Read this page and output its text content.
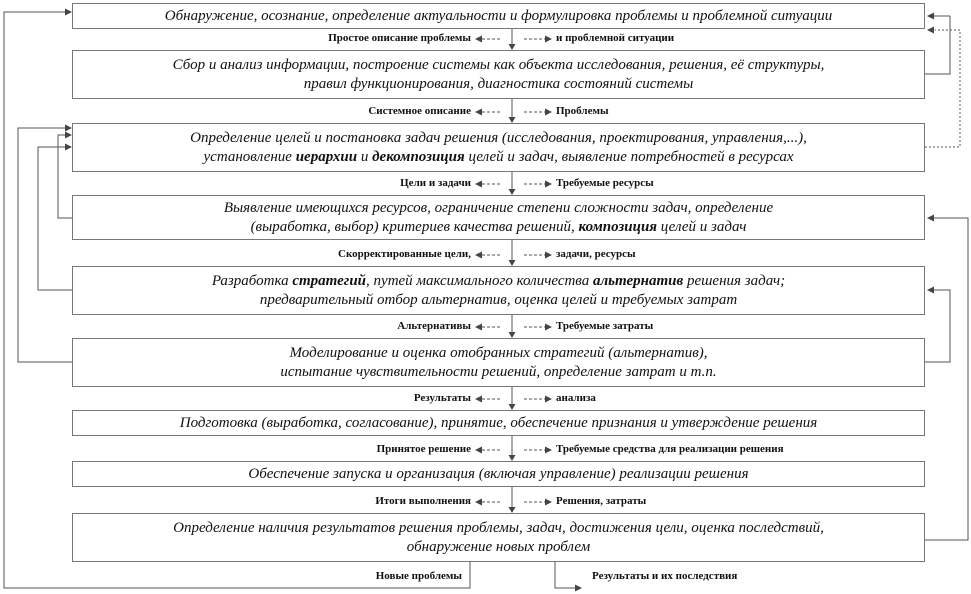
Обнаружение, осознание, определение актуальности и формулировка проблемы и проблемной ситуации
Сбор и анализ информации, построение системы как объекта исследования, решения, её структуры,
правил функционирования, диагностика состояний системы
Определение целей и постановка задач решения (исследования, проектирования, управления,...),
установление иерархии и декомпозиция целей и задач, выявление потребностей в ресурсах
Выявление имеющихся ресурсов, ограничение степени сложности задач, определение
(выработка, выбор) критериев качества решений, композиция целей и задач
Разработка стратегий, путей максимального количества альтернатив решения задач;
предварительный отбор альтернатив, оценка целей и требуемых затрат
Моделирование и оценка отобранных стратегий (альтернатив),
испытание чувствительности решений, определение затрат и т.п.
Подготовка (выработка, согласование), принятие, обеспечение признания и утверждение решения
Обеспечение запуска и организация (включая управление) реализации решения
Определение наличия результатов решения проблемы, задач, достижения цели, оценка последствий,
обнаружение новых проблем
Простое описание проблемы	и проблемной ситуации
Системное описание	Проблемы
Цели и задачи	Требуемые ресурсы
Скорректированные цели,	задачи, ресурсы
Альтернативы	Требуемые затраты
Результаты	анализа
Принятое решение	Требуемые средства для реализации решения
Итоги выполнения	Решения, затраты
Новые проблемы	Результаты и их последствия
